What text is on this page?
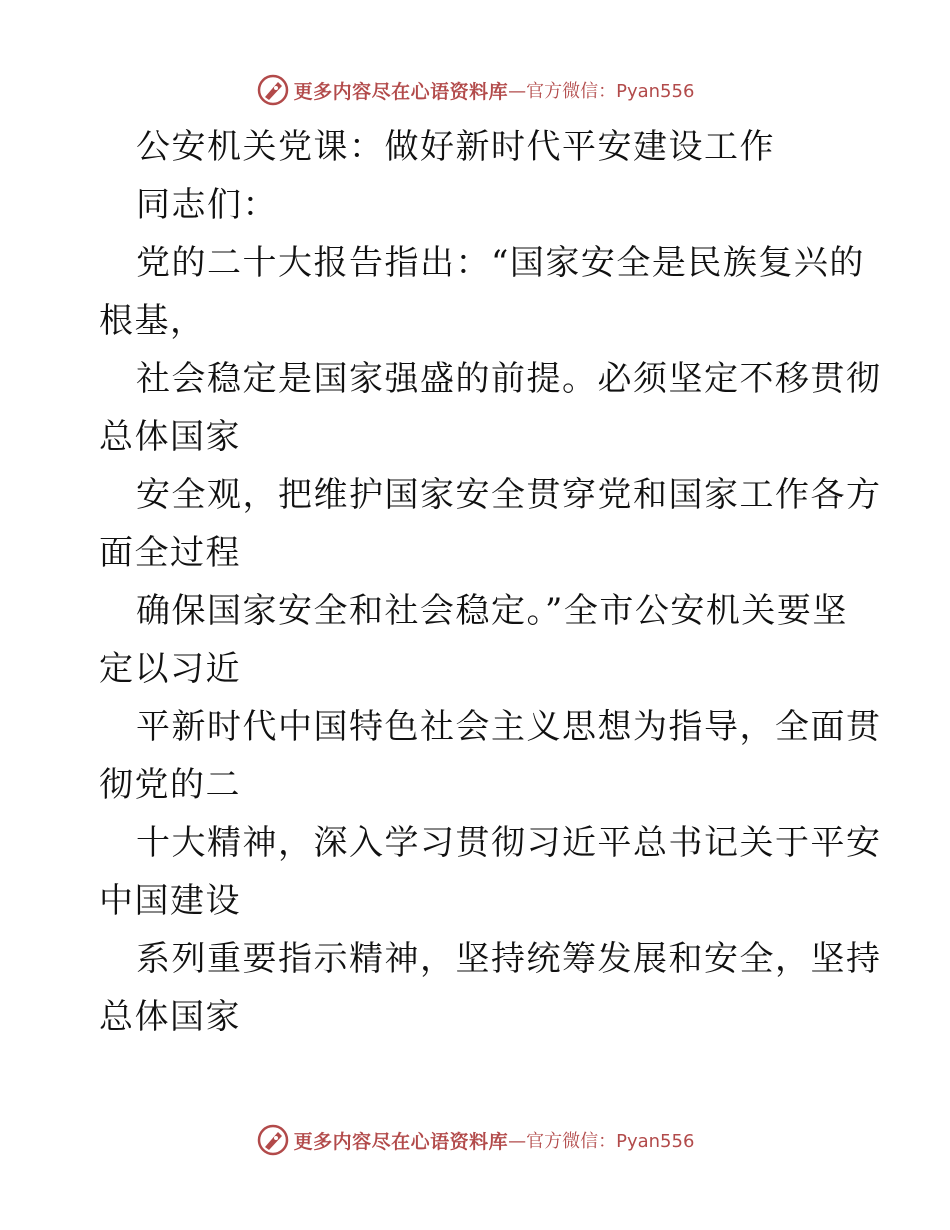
更多内容尽在心语资料库 —官方微信：Pyan556
公安机关党课：做好新时代平安建设工作
同志们：
党的二十大报告指出：“国家安全是民族复兴的
根基，
社会稳定是国家强盛的前提。必须坚定不移贯彻
总体国家
安全观，把维护国家安全贯穿党和国家工作各方
面全过程
确保国家安全和社会稳定。”全市公安机关要坚
定以习近
平新时代中国特色社会主义思想为指导，全面贯
彻党的二
十大精神，深入学习贯彻习近平总书记关于平安
中国建设
系列重要指示精神，坚持统筹发展和安全，坚持
总体国家
更多内容尽在心语资料库 —官方微信：Pyan556
